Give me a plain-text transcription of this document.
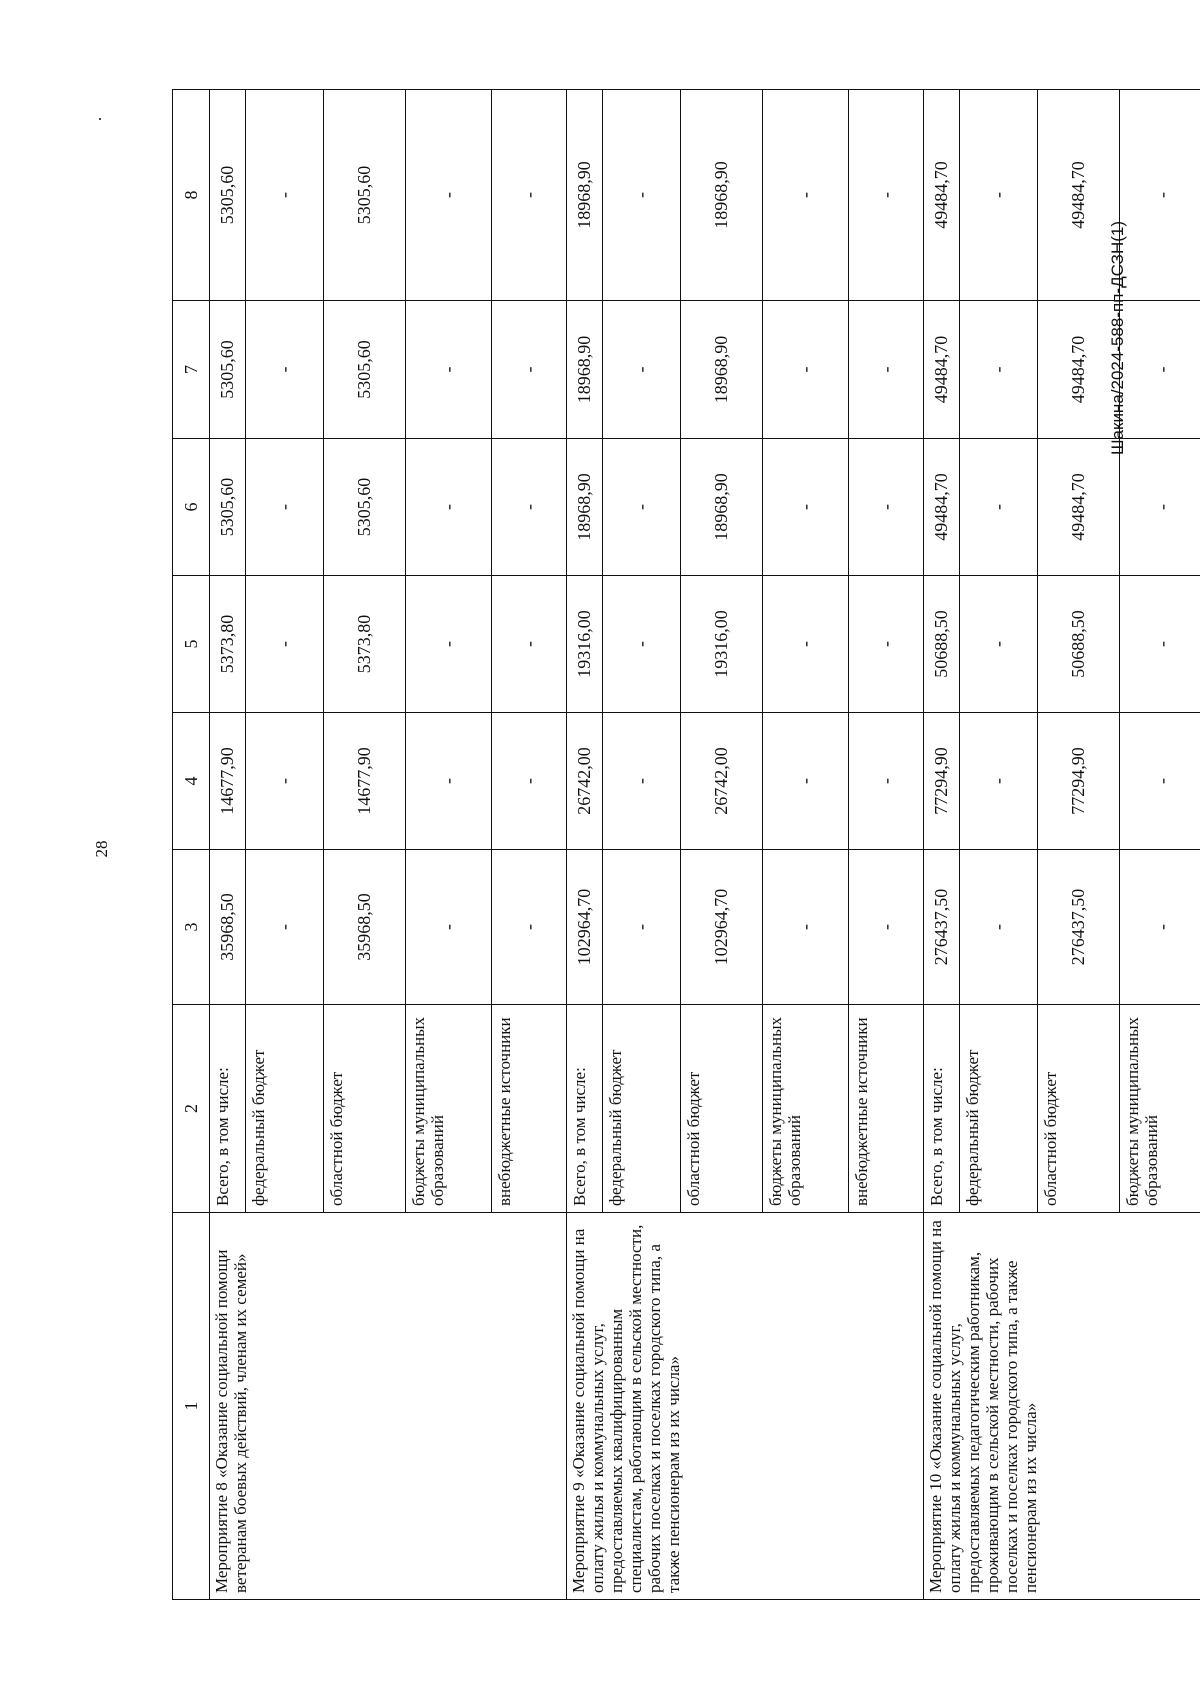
28
Шакина/2024-588-пп-ДСЗН(1)
1	2	3	4	5	6	7	8
Мероприятие 8 «Оказание социальной помощи ветеранам боевых действий, членам их семей»	Всего, в том числе:	35968,50	14677,90	5373,80	5305,60	5305,60	5305,60
	федеральный бюджет	-	-	-	-	-	-
	областной бюджет	35968,50	14677,90	5373,80	5305,60	5305,60	5305,60
	бюджеты муниципальных образований	-	-	-	-	-	-
	внебюджетные источники	-	-	-	-	-	-
Мероприятие 9 «Оказание социальной помощи на оплату жилья и коммунальных услуг, предоставляемых квалифицированным специалистам, работающим в сельской местности, рабочих поселках и поселках городского типа, а также пенсионерам из их числа»	Всего, в том числе:	102964,70	26742,00	19316,00	18968,90	18968,90	18968,90
	федеральный бюджет	-	-	-	-	-	-
	областной бюджет	102964,70	26742,00	19316,00	18968,90	18968,90	18968,90
	бюджеты муниципальных образований	-	-	-	-	-	-
	внебюджетные источники	-	-	-	-	-	-
Мероприятие 10 «Оказание социальной помощи на оплату жилья и коммунальных услуг, предоставляемых педагогическим работникам, проживающим в сельской местности, рабочих поселках и поселках городского типа, а также пенсионерам из их числа»	Всего, в том числе:	276437,50	77294,90	50688,50	49484,70	49484,70	49484,70
	федеральный бюджет	-	-	-	-	-	-
	областной бюджет	276437,50	77294,90	50688,50	49484,70	49484,70	49484,70
	бюджеты муниципальных образований	-	-	-	-	-	-
